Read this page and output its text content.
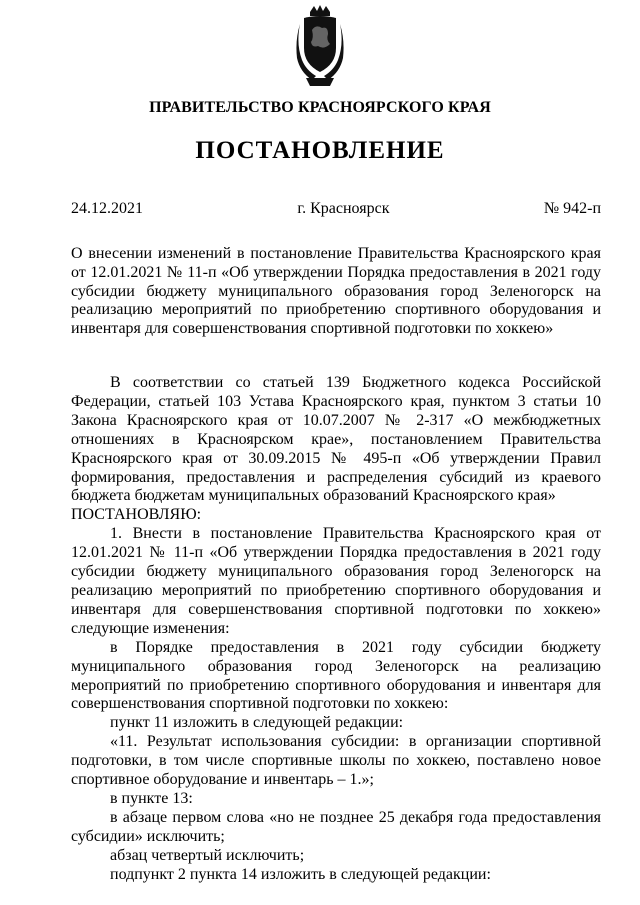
ПРАВИТЕЛЬСТВО КРАСНОЯРСКОГО КРАЯ
ПОСТАНОВЛЕНИЕ
24.12.2021	г. Красноярск	№ 942-п
О внесении изменений в постановление Правительства Красноярского края от 12.01.2021 № 11-п «Об утверждении Порядка предоставления в 2021 году субсидии бюджету муниципального образования город Зеленогорск на реализацию мероприятий по приобретению спортивного оборудования и инвентаря для совершенствования спортивной подготовки по хоккею»

В соответствии со статьей 139 Бюджетного кодекса Российской Федерации, статьей 103 Устава Красноярского края, пунктом 3 статьи 10 Закона Красноярского края от 10.07.2007 № 2-317 «О межбюджетных отношениях в Красноярском крае», постановлением Правительства Красноярского края от 30.09.2015 № 495-п «Об утверждении Правил формирования, предоставления и распределения субсидий из краевого бюджета бюджетам муниципальных образований Красноярского края»

ПОСТАНОВЛЯЮ:

1. Внести в постановление Правительства Красноярского края от 12.01.2021 № 11-п «Об утверждении Порядка предоставления в 2021 году субсидии бюджету муниципального образования город Зеленогорск на реализацию мероприятий по приобретению спортивного оборудования и инвентаря для совершенствования спортивной подготовки по хоккею» следующие изменения:

в Порядке предоставления в 2021 году субсидии бюджету муниципального образования город Зеленогорск на реализацию мероприятий по приобретению спортивного оборудования и инвентаря для совершенствования спортивной подготовки по хоккею:

пункт 11 изложить в следующей редакции:

«11. Результат использования субсидии: в организации спортивной подготовки, в том числе спортивные школы по хоккею, поставлено новое спортивное оборудование и инвентарь – 1.»;

в пункте 13:

в абзаце первом слова «но не позднее 25 декабря года предоставления субсидии» исключить;

абзац четвертый исключить;

подпункт 2 пункта 14 изложить в следующей редакции:
